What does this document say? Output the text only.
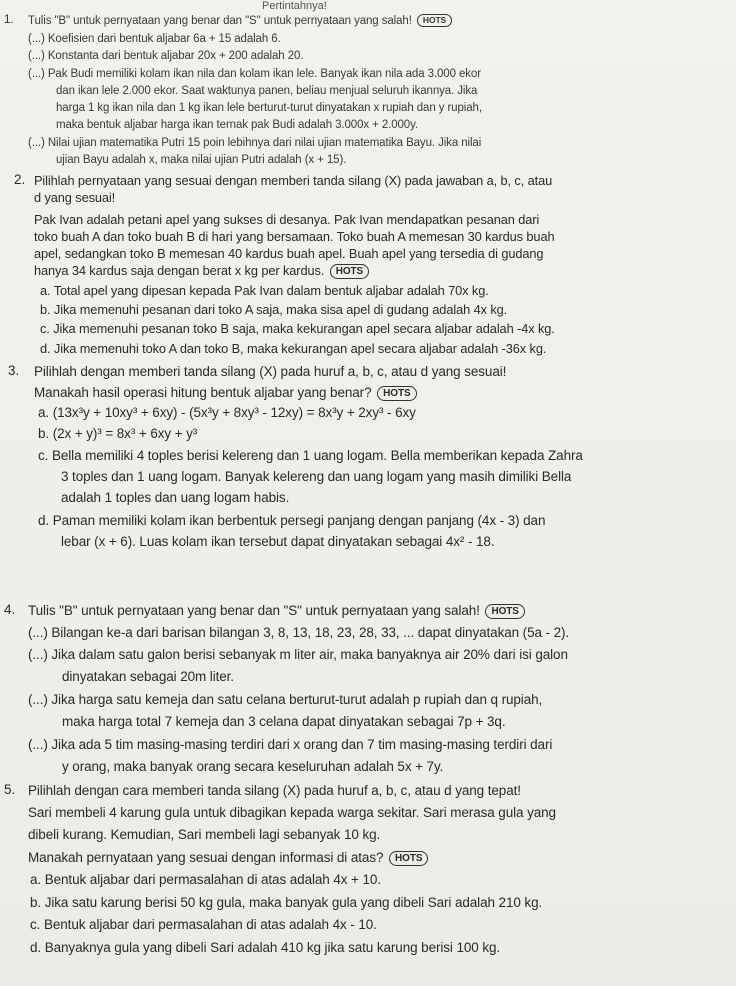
Pertintahnya!
1. Tulis "B" untuk pernyataan yang benar dan "S" untuk pernyataan yang salah! HOTS
(...) Koefisien dari bentuk aljabar 6a + 15 adalah 6.
(...) Konstanta dari bentuk aljabar 20x + 200 adalah 20.
(...) Pak Budi memiliki kolam ikan nila dan kolam ikan lele. Banyak ikan nila ada 3.000 ekor
dan ikan lele 2.000 ekor. Saat waktunya panen, beliau menjual seluruh ikannya. Jika
harga 1 kg ikan nila dan 1 kg ikan lele berturut-turut dinyatakan x rupiah dan y rupiah,
maka bentuk aljabar harga ikan ternak pak Budi adalah 3.000x + 2.000y.
(...) Nilai ujian matematika Putri 15 poin lebihnya dari nilai ujian matematika Bayu. Jika nilai
ujian Bayu adalah x, maka nilai ujian Putri adalah (x + 15).
2. Pilihlah pernyataan yang sesuai dengan memberi tanda silang (X) pada jawaban a, b, c, atau
d yang sesuai!
Pak Ivan adalah petani apel yang sukses di desanya. Pak Ivan mendapatkan pesanan dari
toko buah A dan toko buah B di hari yang bersamaan. Toko buah A memesan 30 kardus buah
apel, sedangkan toko B memesan 40 kardus buah apel. Buah apel yang tersedia di gudang
hanya 34 kardus saja dengan berat x kg per kardus. HOTS
a. Total apel yang dipesan kepada Pak Ivan dalam bentuk aljabar adalah 70x kg.
b. Jika memenuhi pesanan dari toko A saja, maka sisa apel di gudang adalah 4x kg.
c. Jika memenuhi pesanan toko B saja, maka kekurangan apel secara aljabar adalah -4x kg.
d. Jika memenuhi toko A dan toko B, maka kekurangan apel secara aljabar adalah -36x kg.
3. Pilihlah dengan memberi tanda silang (X) pada huruf a, b, c, atau d yang sesuai!
Manakah hasil operasi hitung bentuk aljabar yang benar? HOTS
a. (13x³y + 10xy³ + 6xy) - (5x³y + 8xy³ - 12xy) = 8x³y + 2xy³ - 6xy
b. (2x + y)³ = 8x³ + 6xy + y³
c. Bella memiliki 4 toples berisi kelereng dan 1 uang logam. Bella memberikan kepada Zahra
3 toples dan 1 uang logam. Banyak kelereng dan uang logam yang masih dimiliki Bella
adalah 1 toples dan uang logam habis.
d. Paman memiliki kolam ikan berbentuk persegi panjang dengan panjang (4x - 3) dan
lebar (x + 6). Luas kolam ikan tersebut dapat dinyatakan sebagai 4x² - 18.
4. Tulis "B" untuk pernyataan yang benar dan "S" untuk pernyataan yang salah! HOTS
(...) Bilangan ke-a dari barisan bilangan 3, 8, 13, 18, 23, 28, 33, ... dapat dinyatakan (5a - 2).
(...) Jika dalam satu galon berisi sebanyak m liter air, maka banyaknya air 20% dari isi galon
dinyatakan sebagai 20m liter.
(...) Jika harga satu kemeja dan satu celana berturut-turut adalah p rupiah dan q rupiah,
maka harga total 7 kemeja dan 3 celana dapat dinyatakan sebagai 7p + 3q.
(...) Jika ada 5 tim masing-masing terdiri dari x orang dan 7 tim masing-masing terdiri dari
y orang, maka banyak orang secara keseluruhan adalah 5x + 7y.
5. Pilihlah dengan cara memberi tanda silang (X) pada huruf a, b, c, atau d yang tepat!
Sari membeli 4 karung gula untuk dibagikan kepada warga sekitar. Sari merasa gula yang
dibeli kurang. Kemudian, Sari membeli lagi sebanyak 10 kg.
Manakah pernyataan yang sesuai dengan informasi di atas? HOTS
a. Bentuk aljabar dari permasalahan di atas adalah 4x + 10.
b. Jika satu karung berisi 50 kg gula, maka banyak gula yang dibeli Sari adalah 210 kg.
c. Bentuk aljabar dari permasalahan di atas adalah 4x - 10.
d. Banyaknya gula yang dibeli Sari adalah 410 kg jika satu karung berisi 100 kg.
